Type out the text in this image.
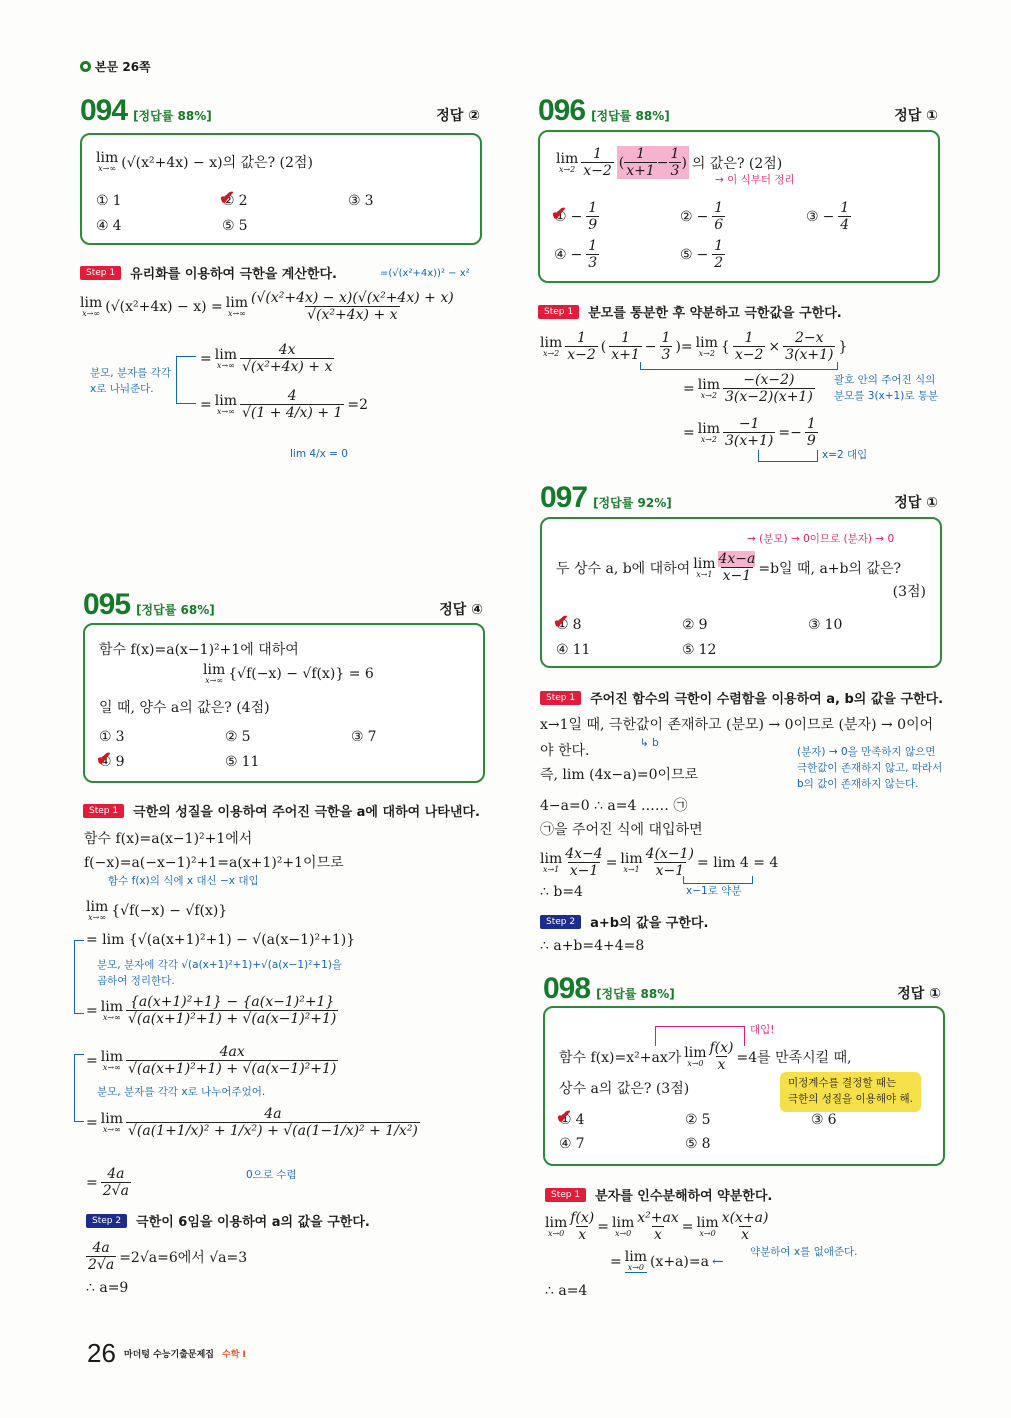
본문 26쪽
094 [정답률 88%]	정답 ②
lim
x→∞ (√(x²+4x) − x)의 값은? (2점)
① 1	② ✔ 2	③ 3
④ 4	⑤ 5
Step 1	유리화를 이용하여 극한을 계산한다.	=(√(x²+4x))² − x²
lim
x→∞ (√(x²+4x) − x) = lim
$x\to\infty \frac{\text{(√(x²+4x) − x)(√(x²+4x) + x)}}{\text{√(x²+4x) + x}}$
= lim
$x\to\infty \frac{4x}{\text{√(x²+4x) + x}}$
= lim
$x\to\infty \frac{4}{√(1 + 4/x) + 1} =2$
분모, 분자를 각각
x로 나눠준다.
lim 4/x = 0
095 [정답률 68%]	정답 ④
함수 f(x)=a(x−1)²+1에 대하여
lim
x→∞ {√f(−x) − √f(x)} = 6
일 때, 양수 a의 값은? (4점)
① 3	② 5	③ 7
④ ✔ 9	⑤ 11
Step 1	극한의 성질을 이용하여 주어진 극한을 a에 대하여 나타낸다.
함수 f(x)=a(x−1)²+1에서
f(−x)=a(−x−1)²+1=a(x+1)²+1이므로
함수 f(x)의 식에 x 대신 −x 대입
lim
x→∞ {√f(−x) − √f(x)}
= lim {√(a(x+1)²+1) − √(a(x−1)²+1)}
분모, 분자에 각각 √(a(x+1)²+1)+√(a(x−1)²+1)을
곱하여 정리한다.
= lim
$x\to\infty \frac{\text{\{a(x+1)²+1\} − \{a(x−1)²+1\}}}{\text{√(a(x+1)²+1) + √(a(x−1)²+1)}}$
= lim
$x\to\infty \frac{4ax}{\text{√(a(x+1)²+1) + √(a(x−1)²+1)}}$
분모, 분자를 각각 x로 나누어주었어.
= lim
$x\to\infty \frac{4a}{\text{√(a(1+1/x)² + 1/x²) + √(a(1−1/x)² + 1/x²)}}$
0으로 수렴
= $\frac{4a}{2√a}$
Step 2	극한이 6임을 이용하여 a의 값을 구한다.
$\frac{4a}{2√a} =2√a=6$에서 √a=3
∴ a=9
26 마더텅 수능기출문제집 수학 Ⅰ
096 [정답률 88%]	정답 ①
lim
$x\to 2 \frac{1}{x-2}$ ( $\frac{1}{x+1} - \frac{1}{3}$ ) 의 값은? (2점)
→ 이 식부터 정리
① ✔ − $\frac{1}{9}$	② − $\frac{1}{6}$	③ − $\frac{1}{4}$
④ − $\frac{1}{3}$	⑤ − $\frac{1}{2}$
Step 1	분모를 통분한 후 약분하고 극한값을 구한다.
lim
$x\to 2 \frac{1}{x-2}$ ( $\frac{1}{x+1} - \frac{1}{3}$ )= lim
x→2 { $\frac{1}{x-2} \times \frac{2-x}{3(x+1)}$ }
= lim
$x\to 2 \frac{-(x-2)}{3(x-2)(x+1)}$ 괄호 안의 주어진 식의
분모를 3(x+1)로 통분
= lim
$x\to 2 \frac{-1}{3(x+1)} =- \frac{1}{9}$
x=2 대입
097 [정답률 92%]	정답 ①
→ (분모) → 0이므로 (분자) → 0
두 상수 a, b에 대하여 lim
$x\to 1 \frac{4x-a}{x-1} =b$일 때, a+b의 값은?
(3점)
① ✔ 8	② 9	③ 10
④ 11	⑤ 12
Step 1	주어진 함수의 극한이 수렴함을 이용하여 a, b의 값을 구한다.
x→1일 때, 극한값이 존재하고 (분모) → 0이므로 (분자) → 0이어
↳ b
야 한다.	(분자) → 0을 만족하지 않으면
극한값이 존재하지 않고, 따라서
b의 값이 존재하지 않는다.
즉, lim (4x−a)=0이므로
4−a=0 ∴ a=4 …… ㉠
㉠을 주어진 식에 대입하면
lim
$x\to 1 \frac{4x-4}{x-1} = \lim$
$x\to 1 \frac{4(x-1)}{x-1} = \lim 4 = 4$
x−1로 약분
∴ b=4
Step 2	a+b의 값을 구한다.
∴ a+b=4+4=8
098 [정답률 88%]	정답 ①
대입!
함수 f(x)=x²+ax가 lim
$x\to 0 \frac{f(x)}{x} =4$를 만족시킬 때,
상수 a의 값은? (3점)	미정계수를 결정할 때는
극한의 성질을 이용해야 해.
① ✔ 4	② 5	③ 6
④ 7	⑤ 8
Step 1	분자를 인수분해하여 약분한다.
lim
$x\to 0 \frac{f(x)}{x} = \lim$
$x\to 0 \frac{\text{x²+ax}}{x} = \lim$
$x\to 0 \frac{x(x+a)}{x}$
= lim
x→0 (x+a)=a ←
약분하여 x를 없애준다.
∴ a=4
